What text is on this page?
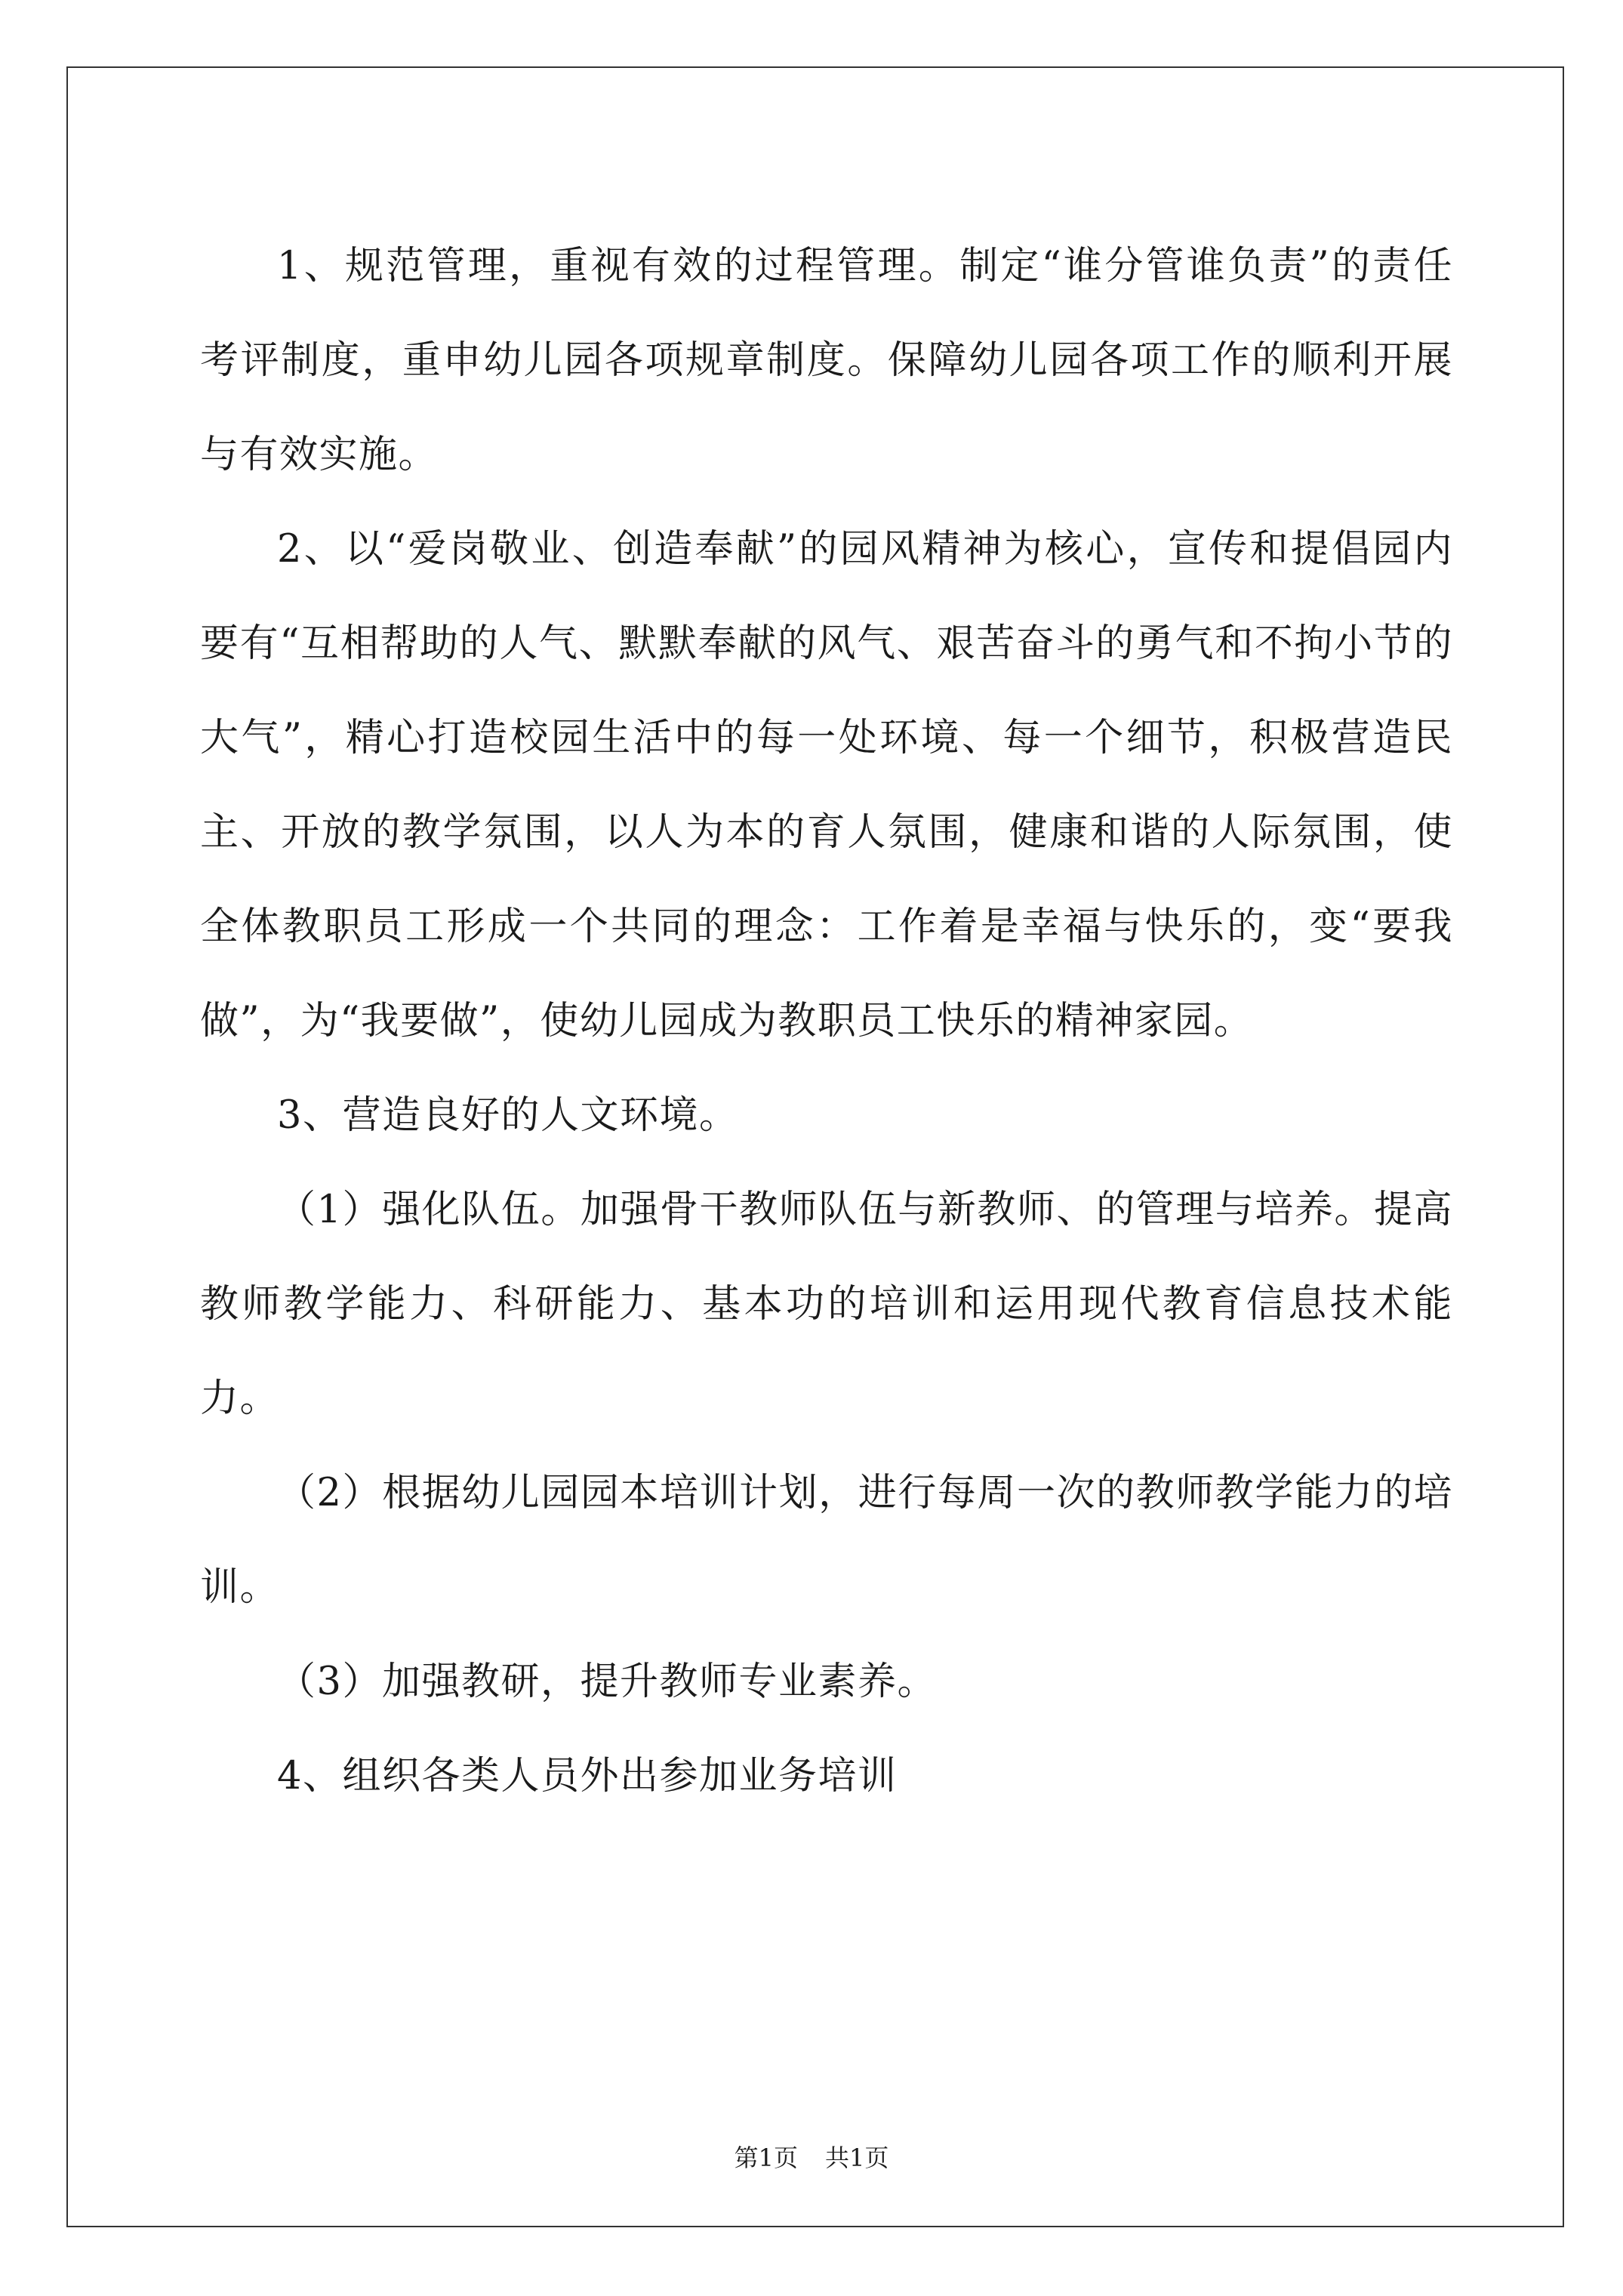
1、规范管理，重视有效的过程管理。制定“谁分管谁负责”的责任考评制度，重申幼儿园各项规章制度。保障幼儿园各项工作的顺利开展与有效实施。

2、以“爱岗敬业、创造奉献”的园风精神为核心，宣传和提倡园内要有“互相帮助的人气、默默奉献的风气、艰苦奋斗的勇气和不拘小节的大气”，精心打造校园生活中的每一处环境、每一个细节，积极营造民主、开放的教学氛围，以人为本的育人氛围，健康和谐的人际氛围，使全体教职员工形成一个共同的理念：工作着是幸福与快乐的，变“要我做”，为“我要做”，使幼儿园成为教职员工快乐的精神家园。

3、营造良好的人文环境。

（1）强化队伍。加强骨干教师队伍与新教师、的管理与培养。提高教师教学能力、科研能力、基本功的培训和运用现代教育信息技术能力。

（2）根据幼儿园园本培训计划，进行每周一次的教师教学能力的培训。

（3）加强教研，提升教师专业素养。

4、组织各类人员外出参加业务培训

第1页 共1页
